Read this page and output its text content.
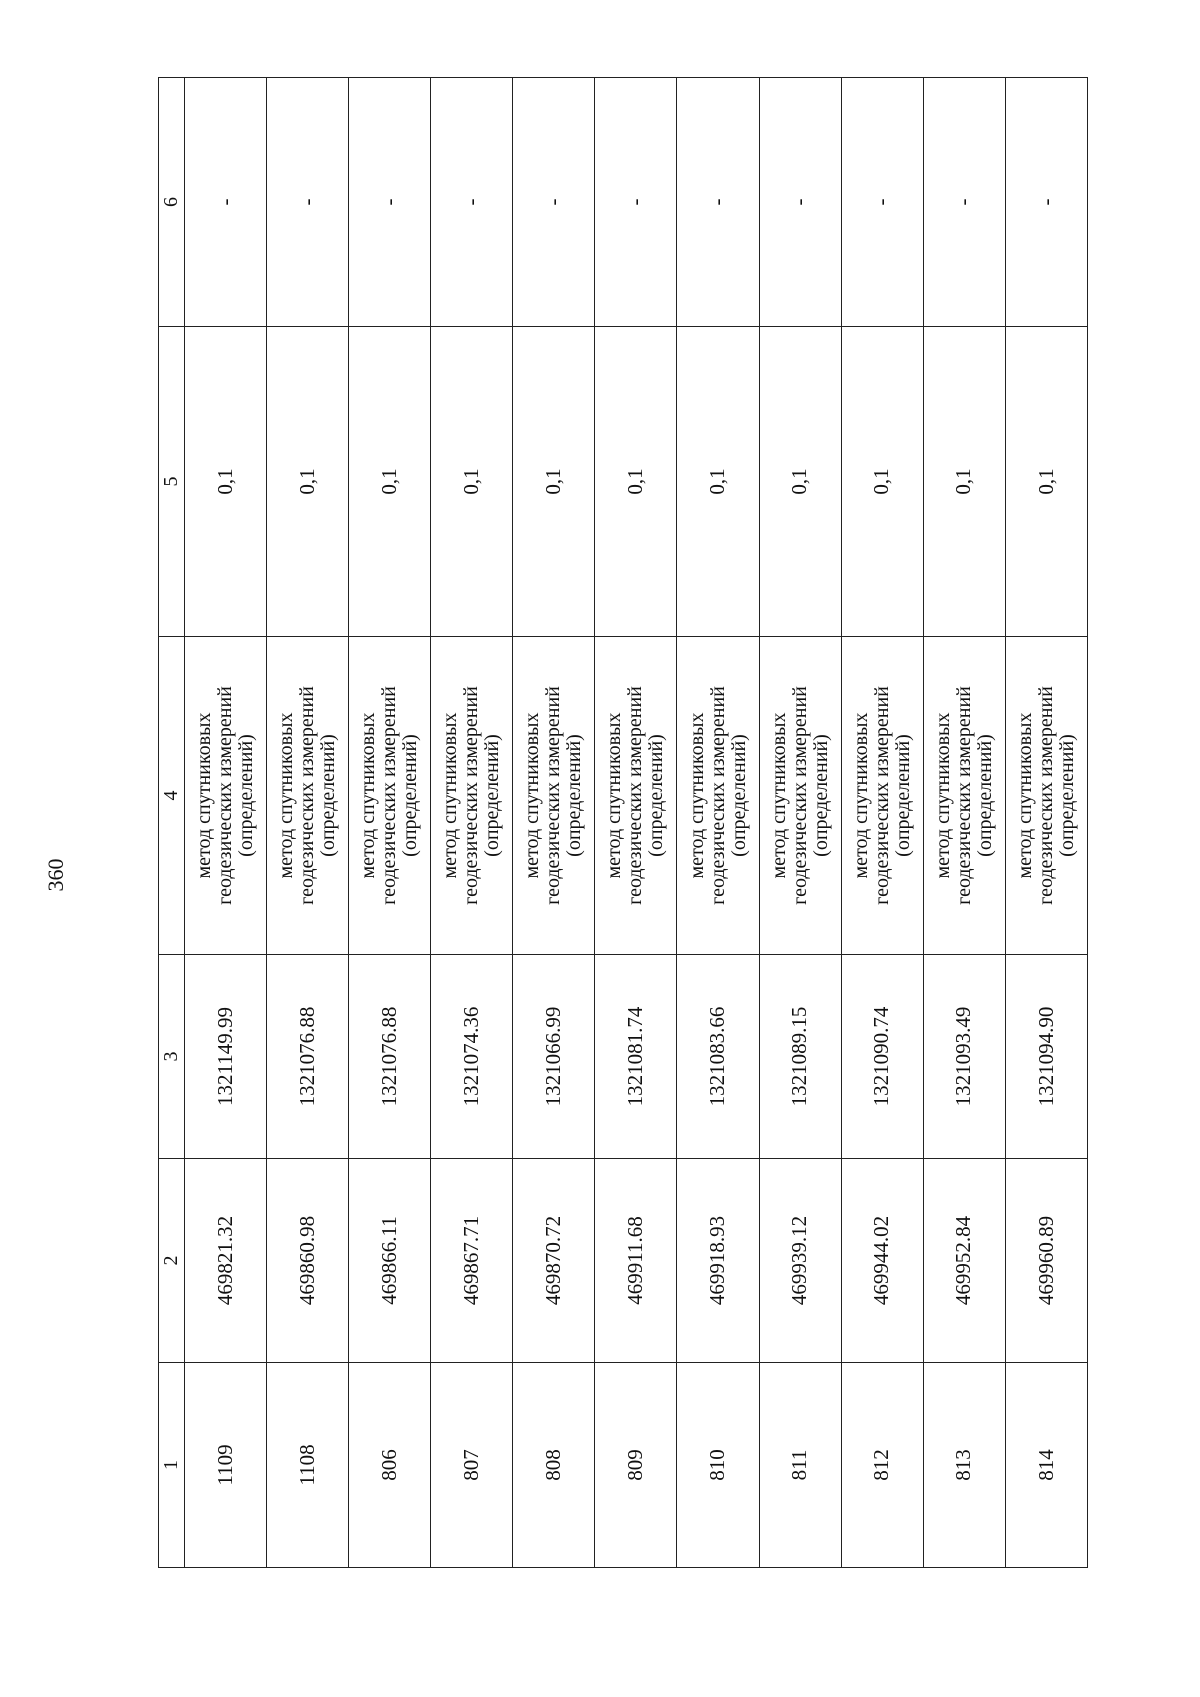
360
1	2	3	4	5	6
1109	469821.32	1321149.99	метод спутниковых геодезических измерений (определений)	0,1	-
1108	469860.98	1321076.88	метод спутниковых геодезических измерений (определений)	0,1	-
806	469866.11	1321076.88	метод спутниковых геодезических измерений (определений)	0,1	-
807	469867.71	1321074.36	метод спутниковых геодезических измерений (определений)	0,1	-
808	469870.72	1321066.99	метод спутниковых геодезических измерений (определений)	0,1	-
809	469911.68	1321081.74	метод спутниковых геодезических измерений (определений)	0,1	-
810	469918.93	1321083.66	метод спутниковых геодезических измерений (определений)	0,1	-
811	469939.12	1321089.15	метод спутниковых геодезических измерений (определений)	0,1	-
812	469944.02	1321090.74	метод спутниковых геодезических измерений (определений)	0,1	-
813	469952.84	1321093.49	метод спутниковых геодезических измерений (определений)	0,1	-
814	469960.89	1321094.90	метод спутниковых геодезических измерений (определений)	0,1	-
